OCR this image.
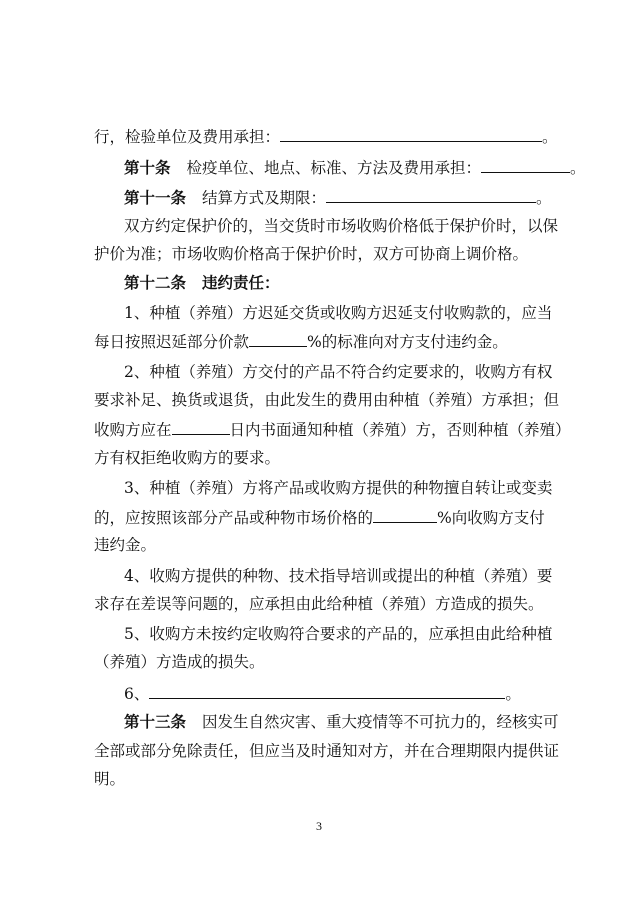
行，检验单位及费用承担：	。
第十条 检疫单位、地点、标准、方法及费用承担：	。
第十一条 结算方式及期限：	。
双方约定保护价的，当交货时市场收购价格低于保护价时，以保
护价为准；市场收购价格高于保护价时，双方可协商上调价格。
第十二条 违约责任：
1、种植（养殖）方迟延交货或收购方迟延支付收购款的，应当
每日按照迟延部分价款	%的标准向对方支付违约金。
2、种植（养殖）方交付的产品不符合约定要求的，收购方有权
要求补足、换货或退货，由此发生的费用由种植（养殖）方承担；但
收购方应在	日内书面通知种植（养殖）方，否则种植（养殖）
方有权拒绝收购方的要求。
3、种植（养殖）方将产品或收购方提供的种物擅自转让或变卖
的，应按照该部分产品或种物市场价格的	%向收购方支付
违约金。
4、收购方提供的种物、技术指导培训或提出的种植（养殖）要
求存在差误等问题的，应承担由此给种植（养殖）方造成的损失。
5、收购方未按约定收购符合要求的产品的，应承担由此给种植
（养殖）方造成的损失。
6、	。
第十三条 因发生自然灾害、重大疫情等不可抗力的，经核实可
全部或部分免除责任，但应当及时通知对方，并在合理期限内提供证
明。
3
